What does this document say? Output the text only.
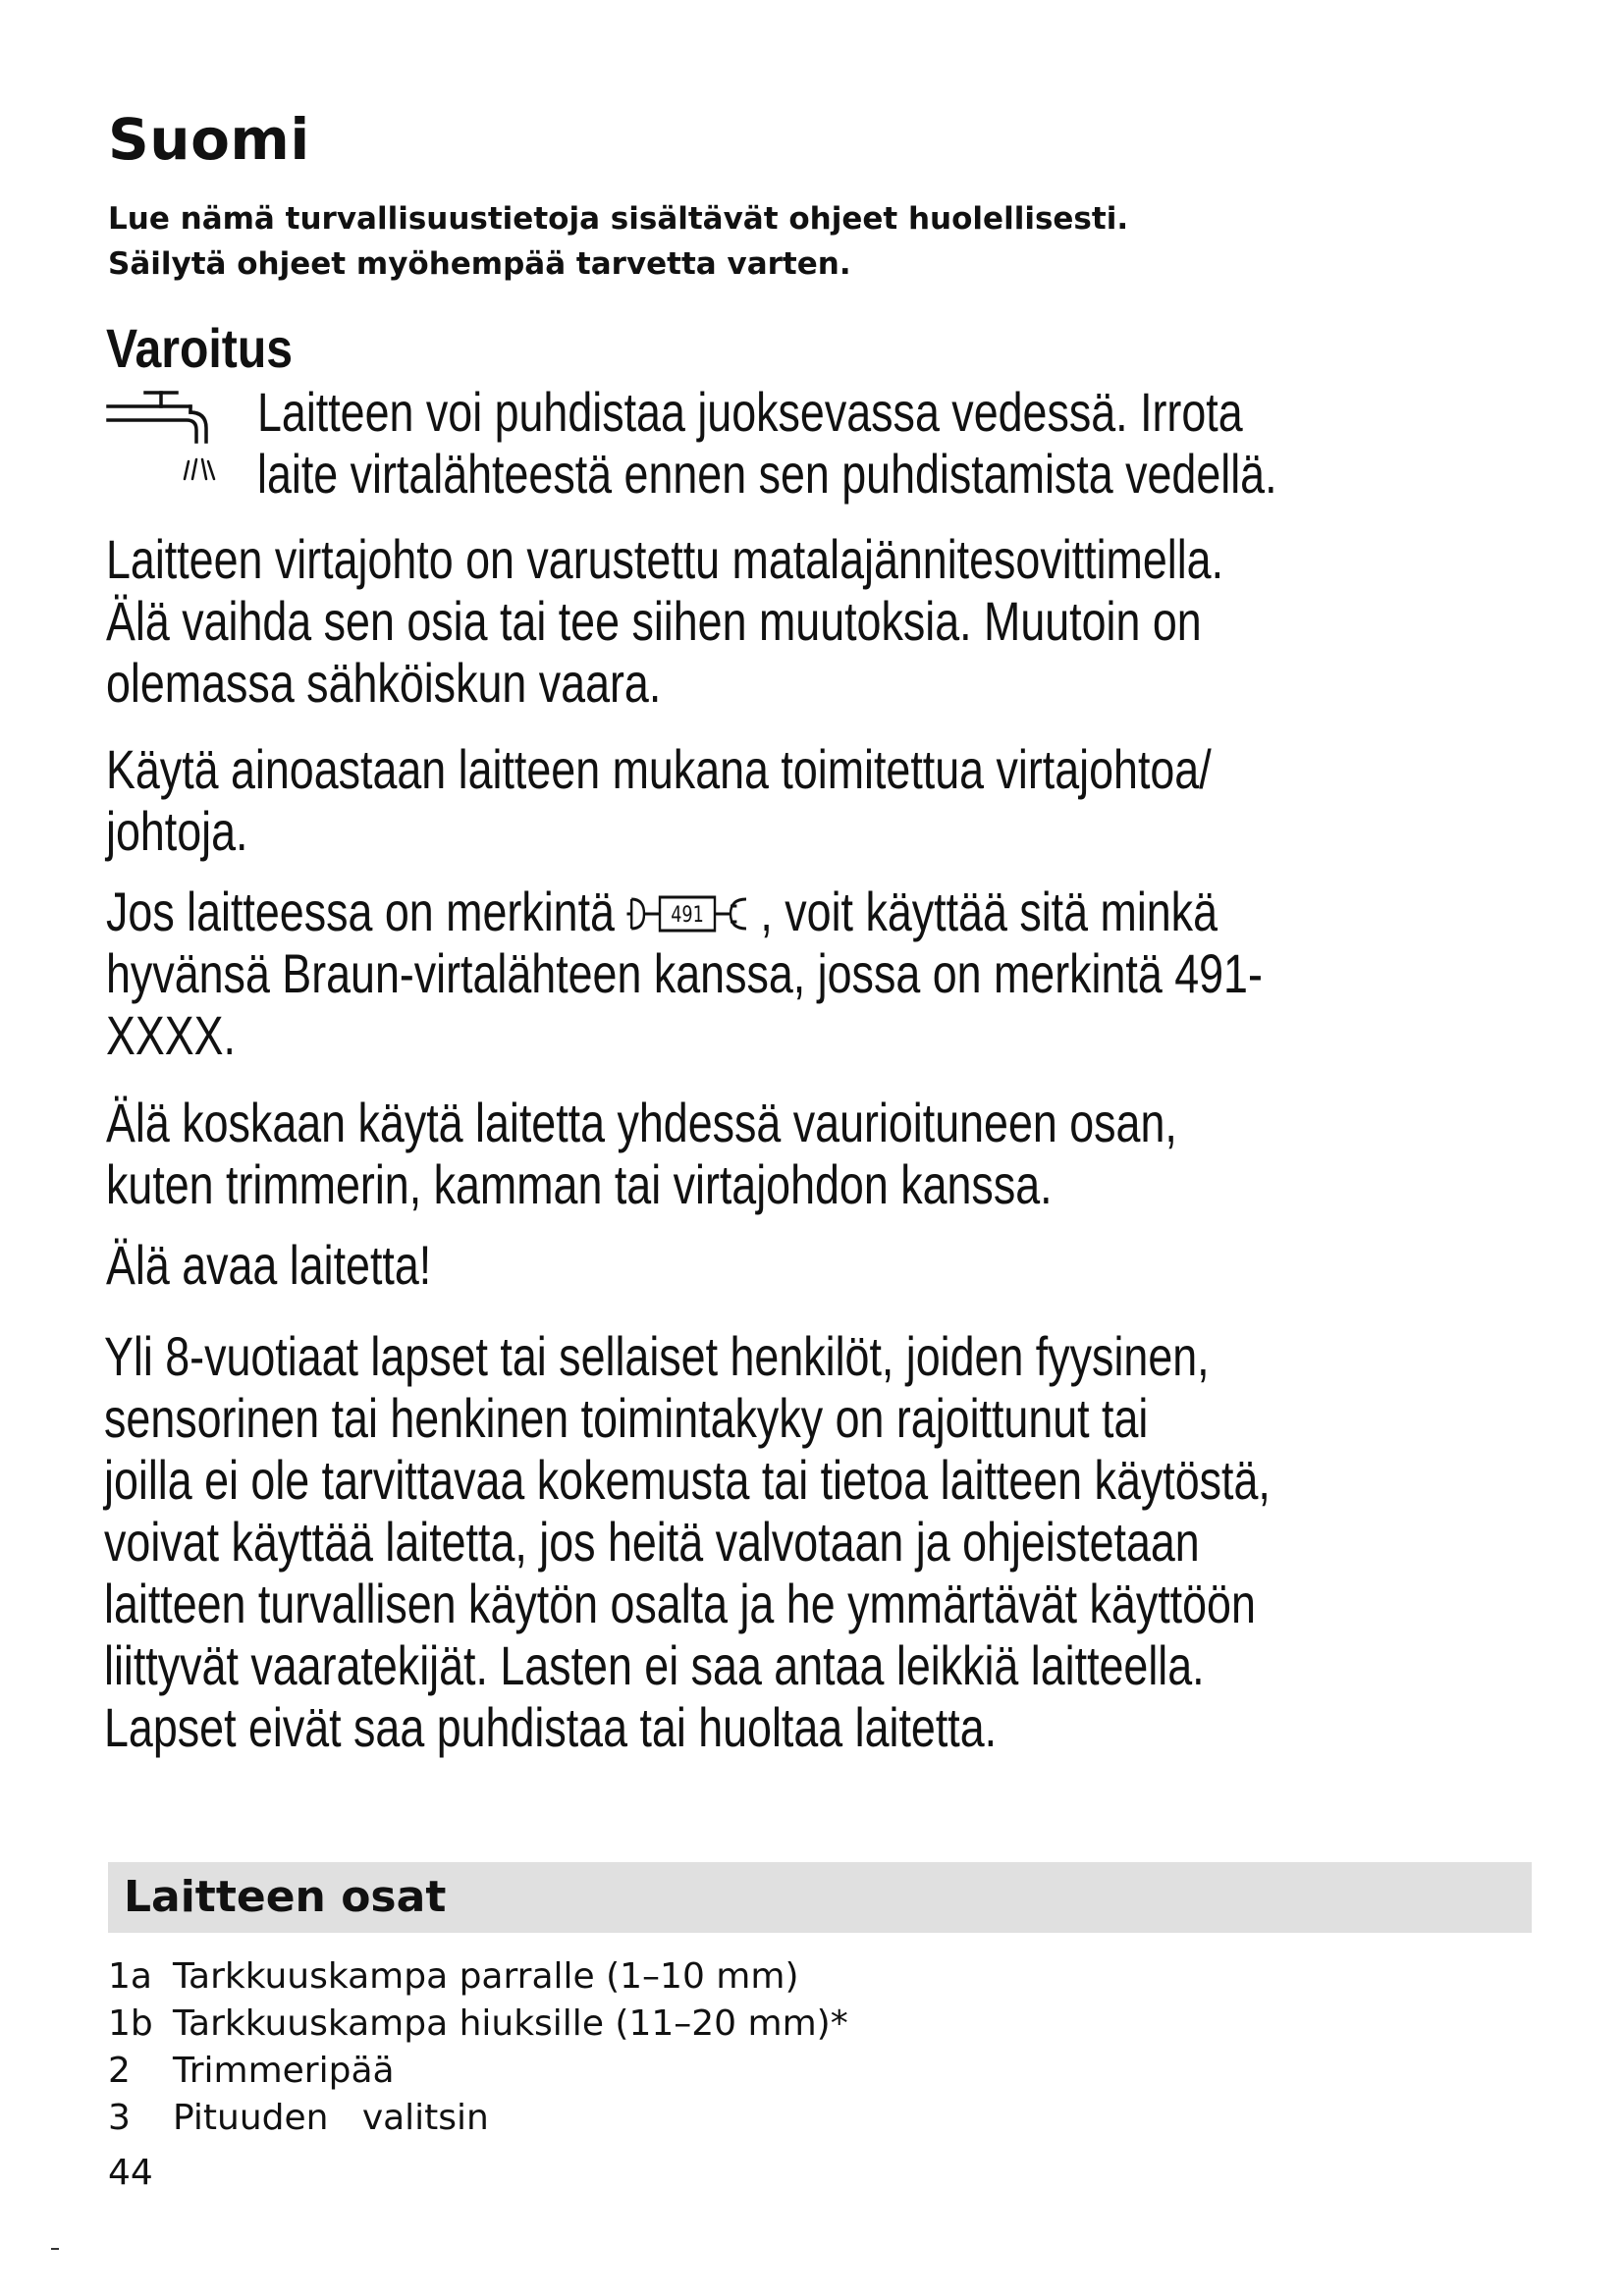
Suomi
Lue nämä turvallisuustietoja sisältävät ohjeet huolellisesti.
Säilytä ohjeet myöhempää tarvetta varten.
Varoitus
Laitteen voi puhdistaa juoksevassa vedessä. Irrota
laite virtalähteestä ennen sen puhdistamista vedellä.
Laitteen virtajohto on varustettu matalajännitesovittimella.
Älä vaihda sen osia tai tee siihen muutoksia. Muutoin on
olemassa sähköiskun vaara.
Käytä ainoastaan laitteen mukana toimitettua virtajohtoa/
johtoja.
Jos laitteessa on merkintä 491 , voit käyttää sitä minkä
hyvänsä Braun-virtalähteen kanssa, jossa on merkintä 491-
XXXX.
Älä koskaan käytä laitetta yhdessä vaurioituneen osan,
kuten trimmerin, kamman tai virtajohdon kanssa.
Älä avaa laitetta!
Yli 8-vuotiaat lapset tai sellaiset henkilöt, joiden fyysinen,
sensorinen tai henkinen toimintakyky on rajoittunut tai
joilla ei ole tarvittavaa kokemusta tai tietoa laitteen käytöstä,
voivat käyttää laitetta, jos heitä valvotaan ja ohjeistetaan
laitteen turvallisen käytön osalta ja he ymmärtävät käyttöön
liittyvät vaaratekijät. Lasten ei saa antaa leikkiä laitteella.
Lapset eivät saa puhdistaa tai huoltaa laitetta.
Laitteen osat
1a Tarkkuuskampa parralle (1–10 mm)
1b Tarkkuuskampa hiuksille (11–20 mm)*
2 Trimmeripää
3 Pituuden   valitsin
44
